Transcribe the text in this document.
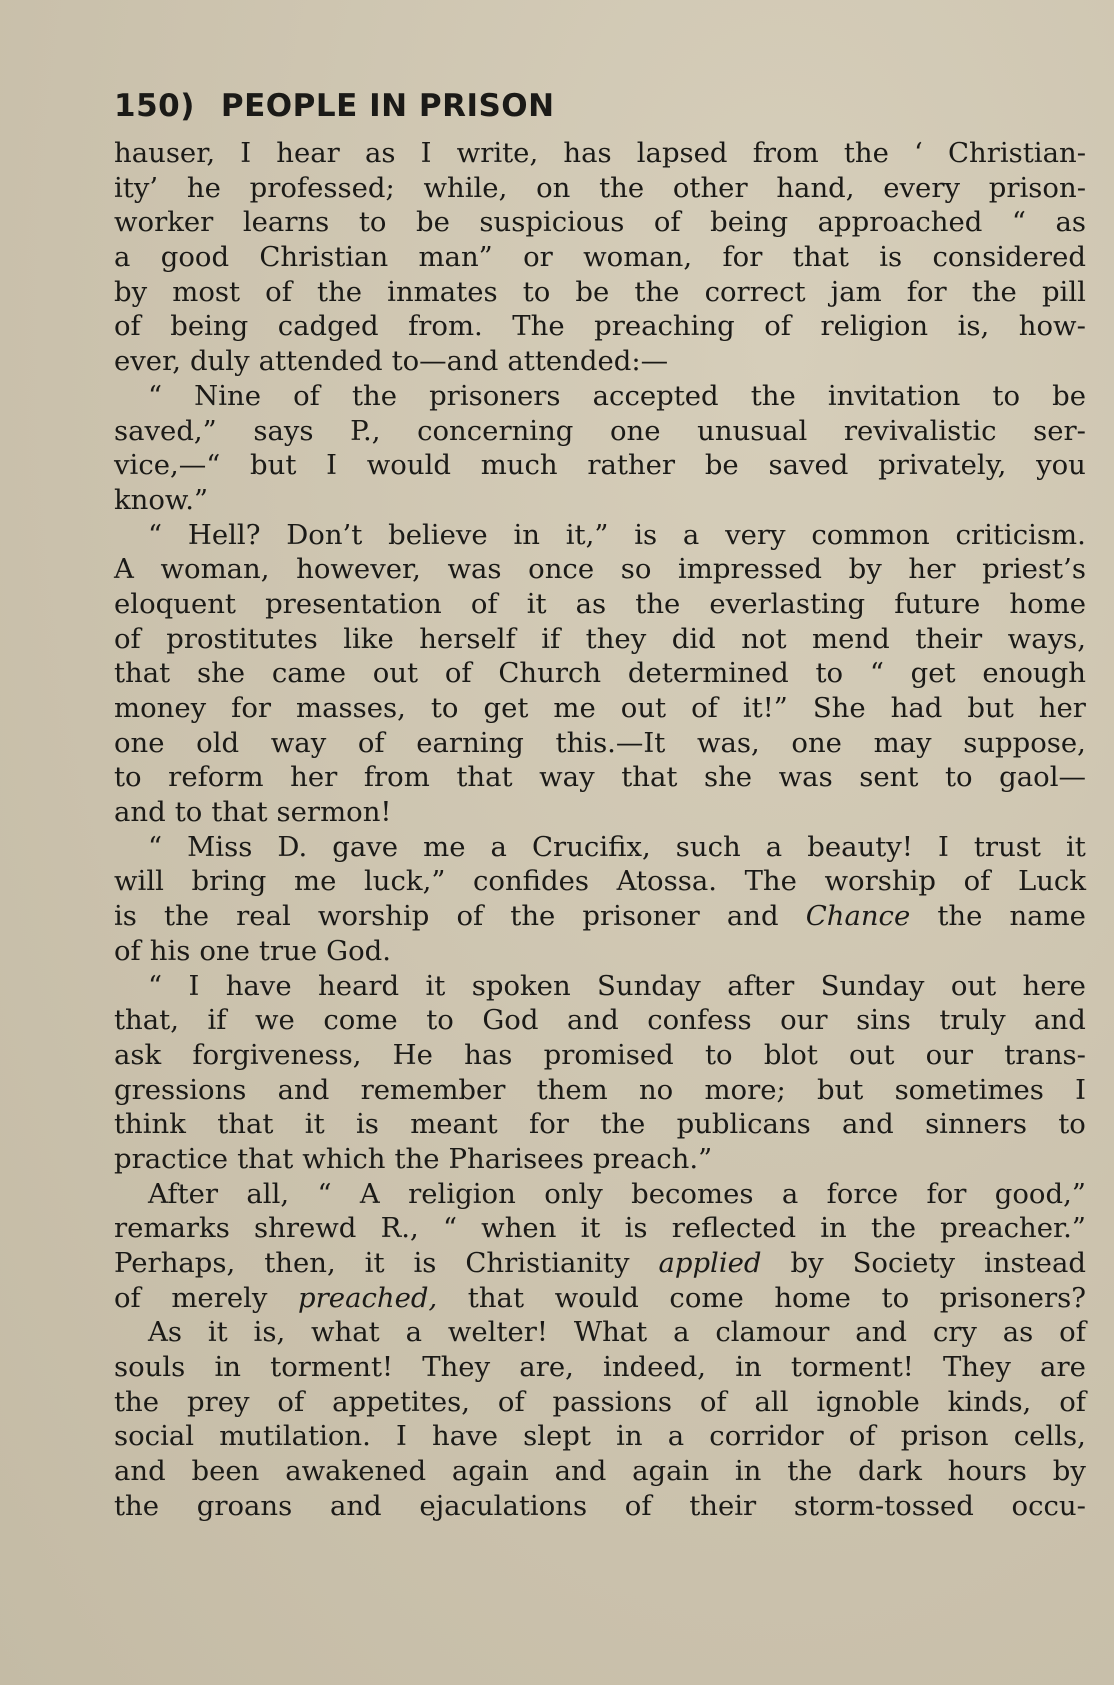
150) PEOPLE IN PRISON
hauser, I hear as I write, has lapsed from the ‘ Christian-
ity’ he professed; while, on the other hand, every prison-
worker learns to be suspicious of being approached “ as
a good Christian man” or woman, for that is considered
by most of the inmates to be the correct jam for the pill
of being cadged from. The preaching of religion is, how-
ever, duly attended to—and attended:—
“ Nine of the prisoners accepted the invitation to be
saved,” says P., concerning one unusual revivalistic ser-
vice,—“ but I would much rather be saved privately, you
know.”
“ Hell? Don’t believe in it,” is a very common criticism.
A woman, however, was once so impressed by her priest’s
eloquent presentation of it as the everlasting future home
of prostitutes like herself if they did not mend their ways,
that she came out of Church determined to “ get enough
money for masses, to get me out of it!” She had but her
one old way of earning this.—It was, one may suppose,
to reform her from that way that she was sent to gaol—
and to that sermon!
“ Miss D. gave me a Crucifix, such a beauty! I trust it
will bring me luck,” confides Atossa. The worship of Luck
is the real worship of the prisoner and Chance the name
of his one true God.
“ I have heard it spoken Sunday after Sunday out here
that, if we come to God and confess our sins truly and
ask forgiveness, He has promised to blot out our trans-
gressions and remember them no more; but sometimes I
think that it is meant for the publicans and sinners to
practice that which the Pharisees preach.”
After all, “ A religion only becomes a force for good,”
remarks shrewd R., “ when it is reflected in the preacher.”
Perhaps, then, it is Christianity applied by Society instead
of merely preached, that would come home to prisoners?
As it is, what a welter! What a clamour and cry as of
souls in torment! They are, indeed, in torment! They are
the prey of appetites, of passions of all ignoble kinds, of
social mutilation. I have slept in a corridor of prison cells,
and been awakened again and again in the dark hours by
the groans and ejaculations of their storm-tossed occu-
